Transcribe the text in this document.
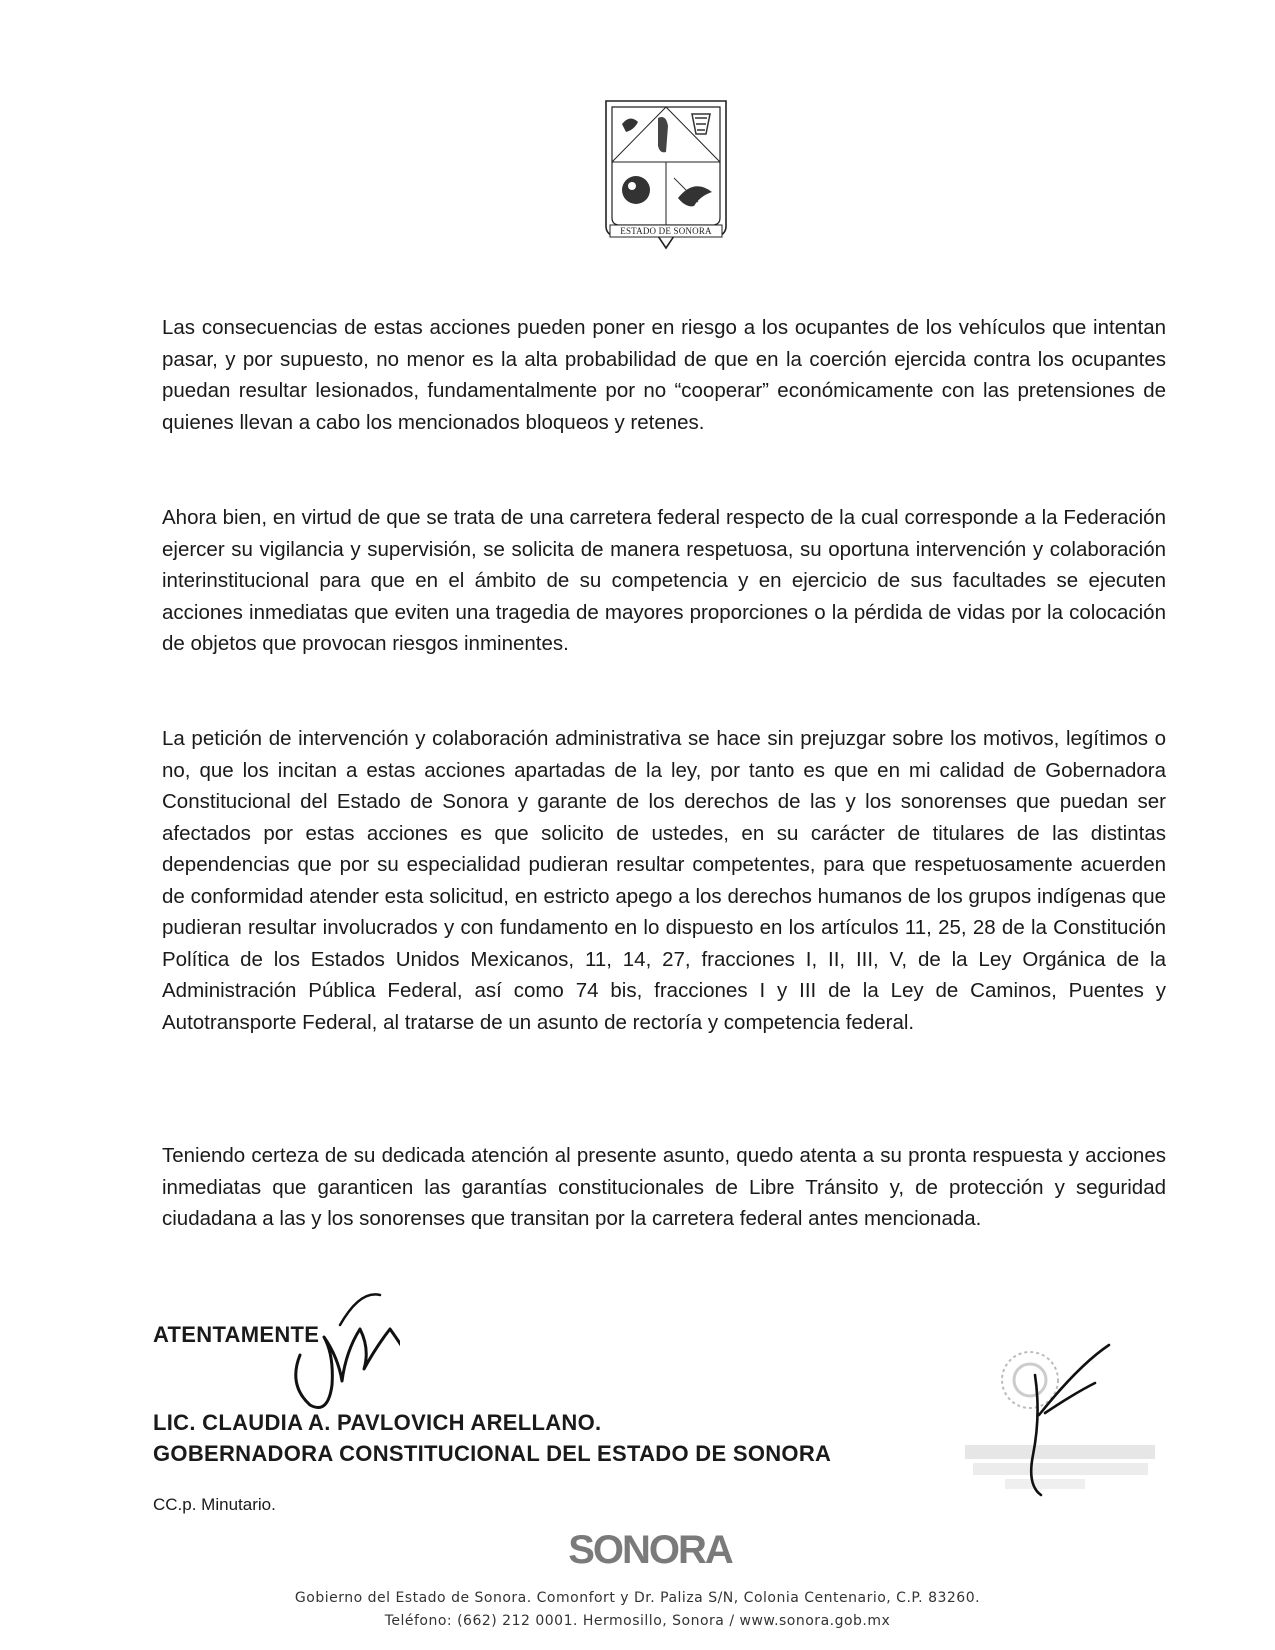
ESTADO DE SONORA

Las consecuencias de estas acciones pueden poner en riesgo a los ocupantes de los vehículos que intentan pasar, y por supuesto, no menor es la alta probabilidad de que en la coerción ejercida contra los ocupantes puedan resultar lesionados, fundamentalmente por no “cooperar” económicamente con las pretensiones de quienes llevan a cabo los mencionados bloqueos y retenes.

Ahora bien, en virtud de que se trata de una carretera federal respecto de la cual corresponde a la Federación ejercer su vigilancia y supervisión, se solicita de manera respetuosa, su oportuna intervención y colaboración interinstitucional para que en el ámbito de su competencia y en ejercicio de sus facultades se ejecuten acciones inmediatas que eviten una tragedia de mayores proporciones o la pérdida de vidas por la colocación de objetos que provocan riesgos inminentes.

La petición de intervención y colaboración administrativa se hace sin prejuzgar sobre los motivos, legítimos o no, que los incitan a estas acciones apartadas de la ley, por tanto es que en mi calidad de Gobernadora Constitucional del Estado de Sonora y garante de los derechos de las y los sonorenses que puedan ser afectados por estas acciones es que solicito de ustedes, en su carácter de titulares de las distintas dependencias que por su especialidad pudieran resultar competentes, para que respetuosamente acuerden de conformidad atender esta solicitud, en estricto apego a los derechos humanos de los grupos indígenas que pudieran resultar involucrados y con fundamento en lo dispuesto en los artículos 11, 25, 28 de la Constitución Política de los Estados Unidos Mexicanos, 11, 14, 27, fracciones I, II, III, V, de la Ley Orgánica de la Administración Pública Federal, así como 74 bis, fracciones I y III de la Ley de Caminos, Puentes y Autotransporte Federal, al tratarse de un asunto de rectoría y competencia federal.

Teniendo certeza de su dedicada atención al presente asunto, quedo atenta a su pronta respuesta y acciones inmediatas que garanticen las garantías constitucionales de Libre Tránsito y, de protección y seguridad ciudadana a las y los sonorenses que transitan por la carretera federal antes mencionada.

ATENTAMENTE
LIC. CLAUDIA A. PAVLOVICH ARELLANO.
GOBERNADORA CONSTITUCIONAL DEL ESTADO DE SONORA
CC.p. Minutario.
SONORA
Gobierno del Estado de Sonora. Comonfort y Dr. Paliza S/N, Colonia Centenario, C.P. 83260.
Teléfono: (662) 212 0001. Hermosillo, Sonora / www.sonora.gob.mx
